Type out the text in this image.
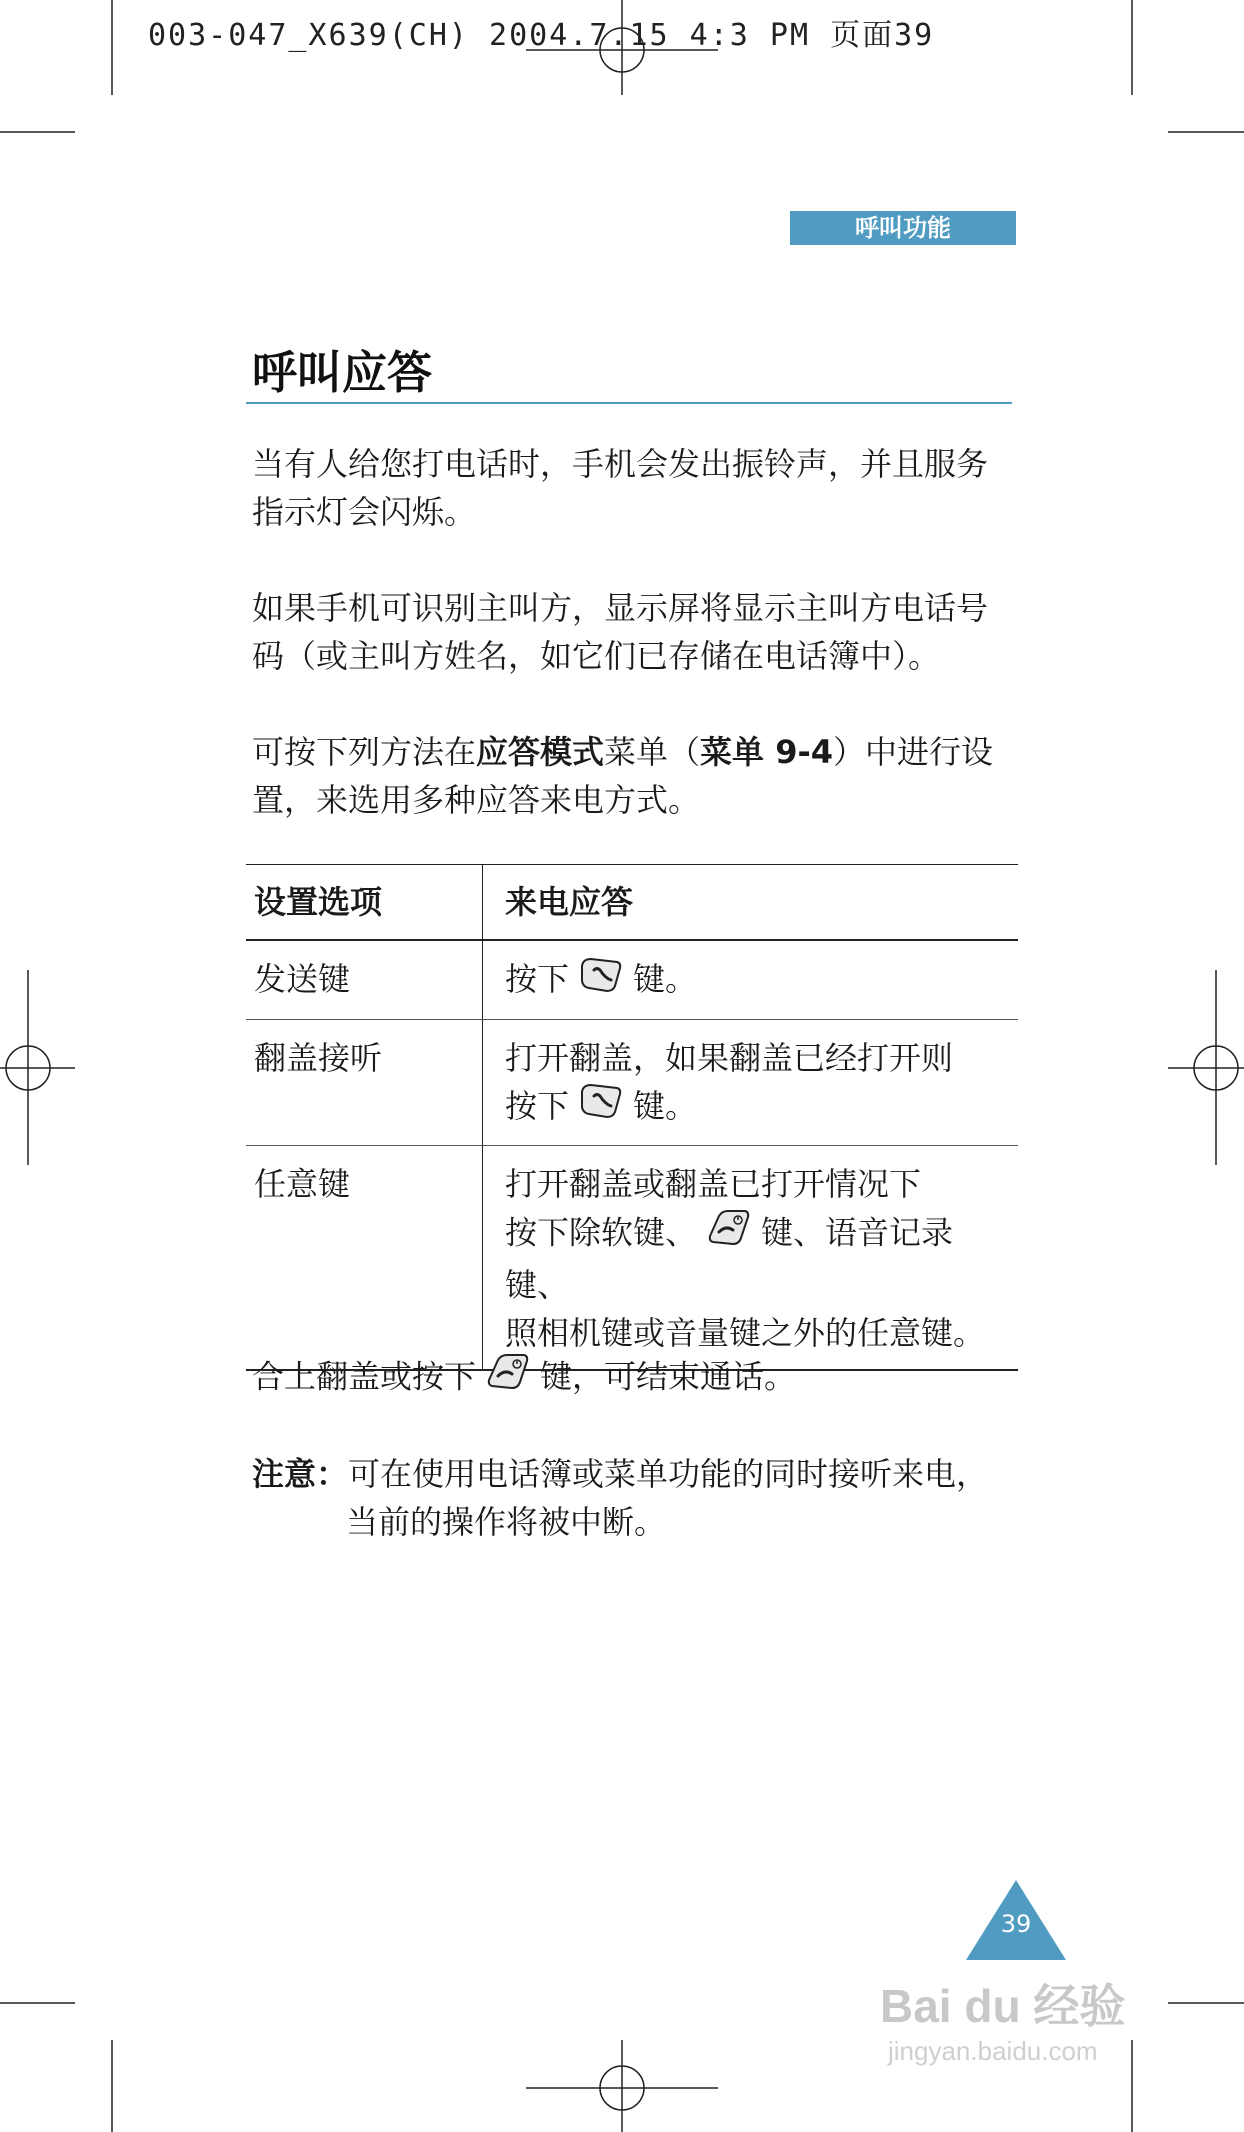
003-047_X639(CH) 2004.7.15 4:3 PM 页面39
呼叫功能
呼叫应答
当有人给您打电话时，手机会发出振铃声，并且服务
指示灯会闪烁。
如果手机可识别主叫方，显示屏将显示主叫方电话号
码（或主叫方姓名，如它们已存储在电话簿中）。
可按下列方法在应答模式菜单（菜单 9-4）中进行设
置，来选用多种应答来电方式。
设置选项	来电应答
发送键	按下 键。
翻盖接听	打开翻盖，如果翻盖已经打开则
按下 键。

任意键	打开翻盖或翻盖已打开情况下
按下除软键、 键、语音记录键、
照相机键或音量键之外的任意键。
合上翻盖或按下 键，可结束通话。
注意：可在使用电话簿或菜单功能的同时接听来电，
当前的操作将被中断。
39
Bai du 经验
jingyan.baidu.com
